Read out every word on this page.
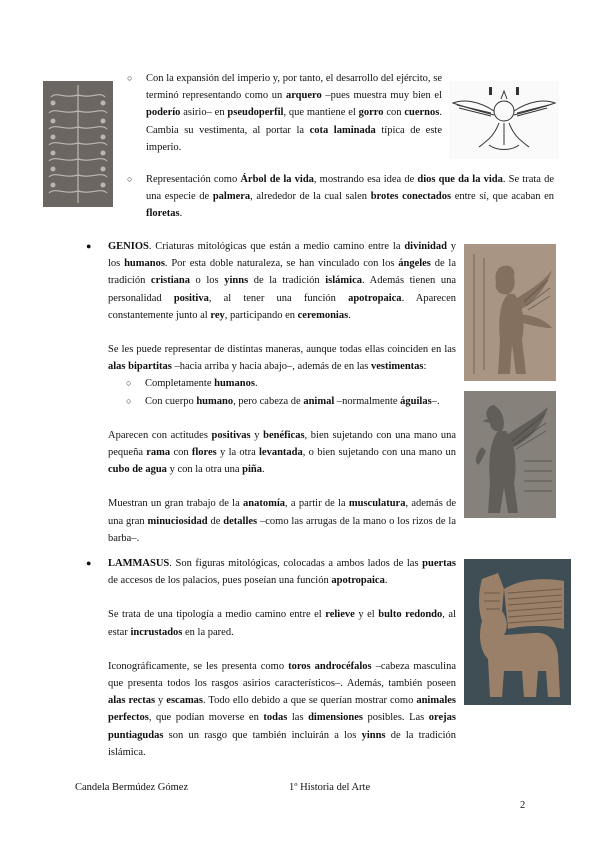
○ Con la expansión del imperio y, por tanto, el desarrollo del ejército, se terminó representando como un arquero –pues muestra muy bien el poderío asirio– en pseudoperfil, que mantiene el gorro con cuernos. Cambia su vestimenta, al portar la cota laminada típica de este imperio.

○ Representación como Árbol de la vida, mostrando esa idea de dios que da la vida. Se trata de una especie de palmera, alrededor de la cual salen brotes conectados entre sí, que acaban en floretas.

● GENIOS. Criaturas mitológicas que están a medio camino entre la divinidad y los humanos. Por esta doble naturaleza, se han vinculado con los ángeles de la tradición cristiana o los yinns de la tradición islámica. Además tienen una personalidad positiva, al tener una función apotropaica. Aparecen constantemente junto al rey, participando en ceremonias.

Se les puede representar de distintas maneras, aunque todas ellas coinciden en las alas bipartitas –hacia arriba y hacia abajo–, además de en las vestimentas:

○ Completamente humanos.
○ Con cuerpo humano, pero cabeza de animal –normalmente águilas–.

Aparecen con actitudes positivas y benéficas, bien sujetando con una mano una pequeña rama con flores y la otra levantada, o bien sujetando con una mano un cubo de agua y con la otra una piña.

Muestran un gran trabajo de la anatomía, a partir de la musculatura, además de una gran minuciosidad de detalles –como las arrugas de la mano o los rizos de la barba–.

● LAMMASUS. Son figuras mitológicas, colocadas a ambos lados de las puertas de accesos de los palacios, pues poseían una función apotropaica.

Se trata de una tipología a medio camino entre el relieve y el bulto redondo, al estar incrustados en la pared.

Iconográficamente, se les presenta como toros androcéfalos –cabeza masculina que presenta todos los rasgos asirios característicos–. Además, también poseen alas rectas y escamas. Todo ello debido a que se querían mostrar como animales perfectos, que podían moverse en todas las dimensiones posibles. Las orejas puntiagudas son un rasgo que también incluirán a los yinns de la tradición islámica.

Candela Bermúdez Gómez	1º Historia del Arte
2
